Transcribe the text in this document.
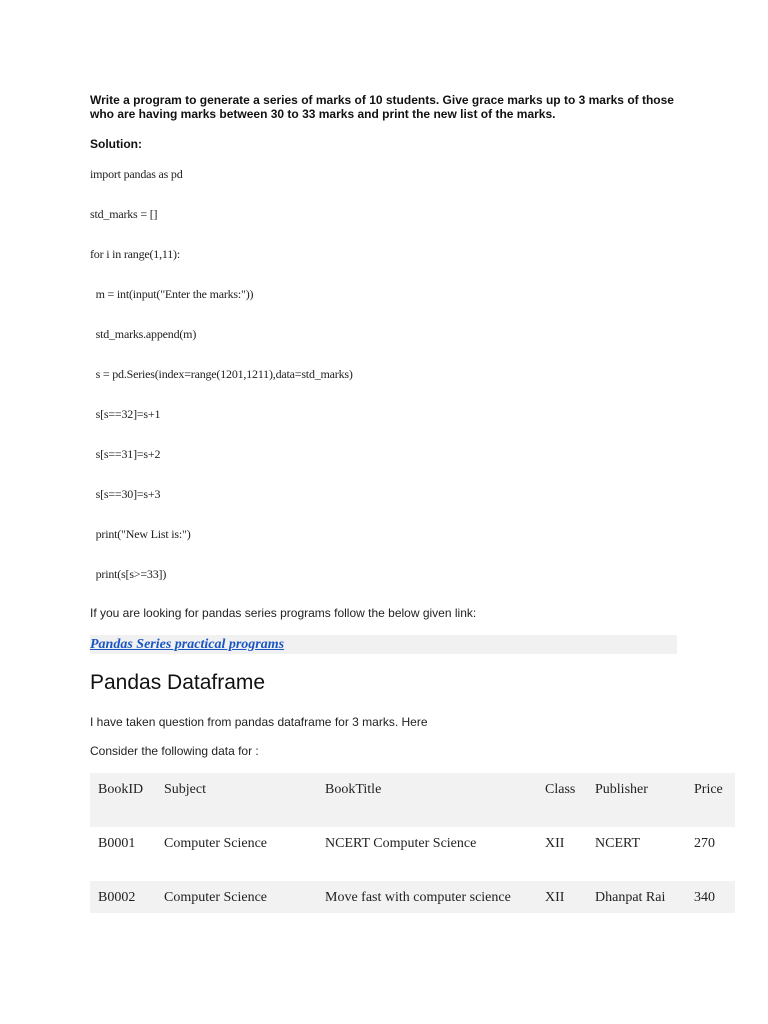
Write a program to generate a series of marks of 10 students. Give grace marks up to 3 marks of those who are having marks between 30 to 33 marks and print the new list of the marks.
Solution:
import pandas as pd
std_marks = []
for i in range(1,11):
m = int(input("Enter the marks:"))
std_marks.append(m)
s = pd.Series(index=range(1201,1211),data=std_marks)
s[s==32]=s+1
s[s==31]=s+2
s[s==30]=s+3
print("New List is:")
print(s[s>=33])
If you are looking for pandas series programs follow the below given link:
Pandas Series practical programs
Pandas Dataframe
I have taken question from pandas dataframe for 3 marks. Here
Consider the following data for :
BookID	Subject	BookTitle	Class	Publisher	Price
B0001	Computer Science	NCERT Computer Science	XII	NCERT	270
B0002	Computer Science	Move fast with computer science	XII	Dhanpat Rai	340
